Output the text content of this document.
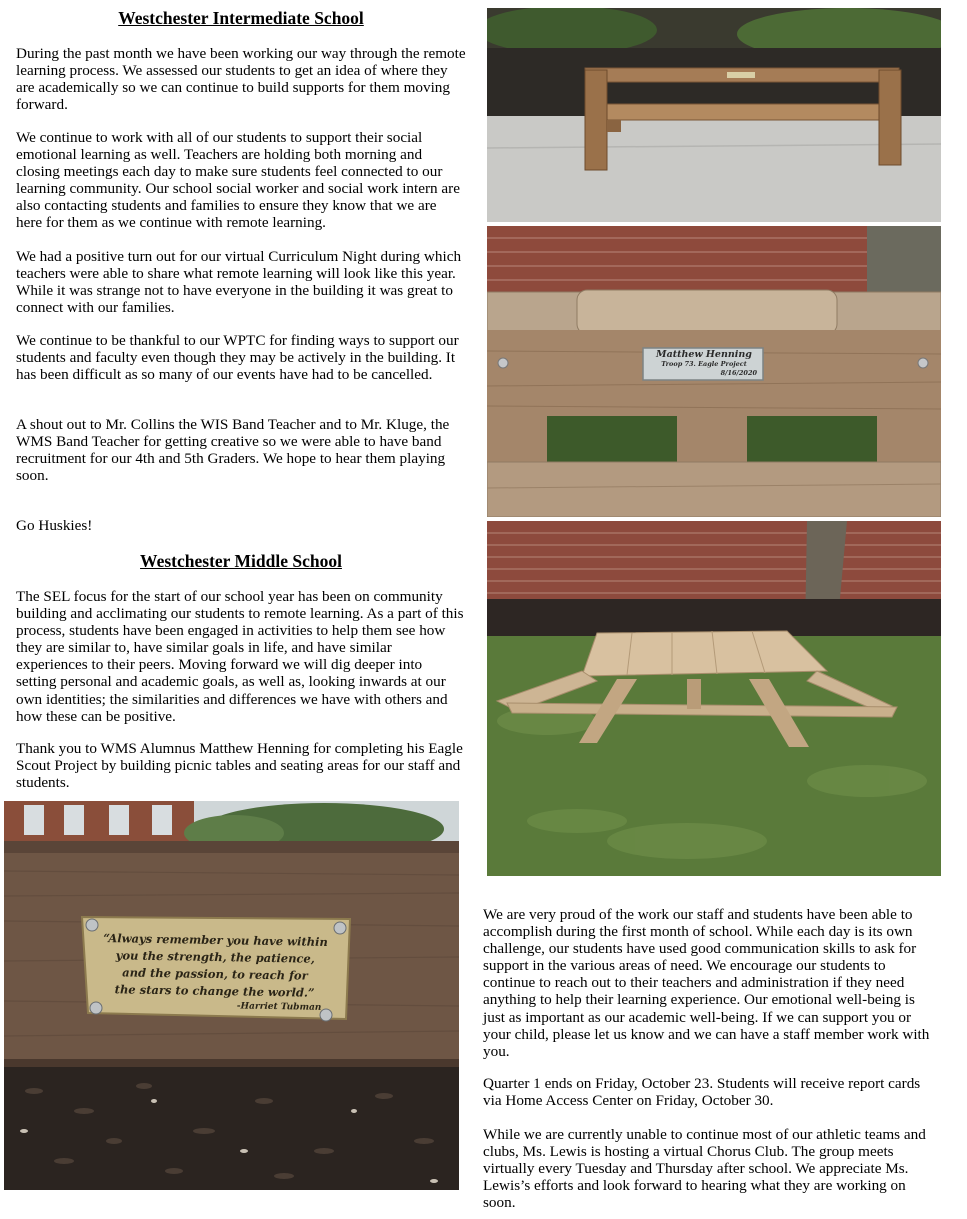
Westchester Intermediate School

During the past month we have been working our way through the remote learning process. We assessed our students to get an idea of where they are academically so we can continue to build supports for them moving forward.

We continue to work with all of our students to support their social emotional learning as well. Teachers are holding both morning and closing meetings each day to make sure students feel connected to our learning community. Our school social worker and social work intern are also contacting students and families to ensure they know that we are here for them as we continue with remote learning.

We had a positive turn out for our virtual Curriculum Night during which teachers were able to share what remote learning will look like this year. While it was strange not to have everyone in the building it was great to connect with our families.

We continue to be thankful to our WPTC for finding ways to support our students and faculty even though they may be actively in the building. It has been difficult as so many of our events have had to be cancelled.

A shout out to Mr. Collins the WIS Band Teacher and to Mr. Kluge, the WMS Band Teacher for getting creative so we were able to have band recruitment for our 4th and 5th Graders. We hope to hear them playing soon.

Go Huskies!

Westchester Middle School

The SEL focus for the start of our school year has been on community building and acclimating our students to remote learning. As a part of this process, students have been engaged in activities to help them see how they are similar to, have similar goals in life, and have similar experiences to their peers. Moving forward we will dig deeper into setting personal and academic goals, as well as, looking inwards at our own identities; the similarities and differences we have with others and how these can be positive.

Thank you to WMS Alumnus Matthew Henning for completing his Eagle Scout Project by building picnic tables and seating areas for our staff and students.

“Always remember you have within
you the strength, the patience,
and the passion, to reach for
the stars to change the world.”
-Harriet Tubman
Matthew Henning
Troop 73. Eagle Project
8/16/2020

We are very proud of the work our staff and students have been able to accomplish during the first month of school. While each day is its own challenge, our students have used good communication skills to ask for support in the various areas of need. We encourage our students to continue to reach out to their teachers and administration if they need anything to help their learning experience. Our emotional well-being is just as important as our academic well-being. If we can support you or your child, please let us know and we can have a staff member work with you.

Quarter 1 ends on Friday, October 23. Students will receive report cards via Home Access Center on Friday, October 30.

While we are currently unable to continue most of our athletic teams and clubs, Ms. Lewis is hosting a virtual Chorus Club. The group meets virtually every Tuesday and Thursday after school. We appreciate Ms. Lewis’s efforts and look forward to hearing what they are working on soon.
